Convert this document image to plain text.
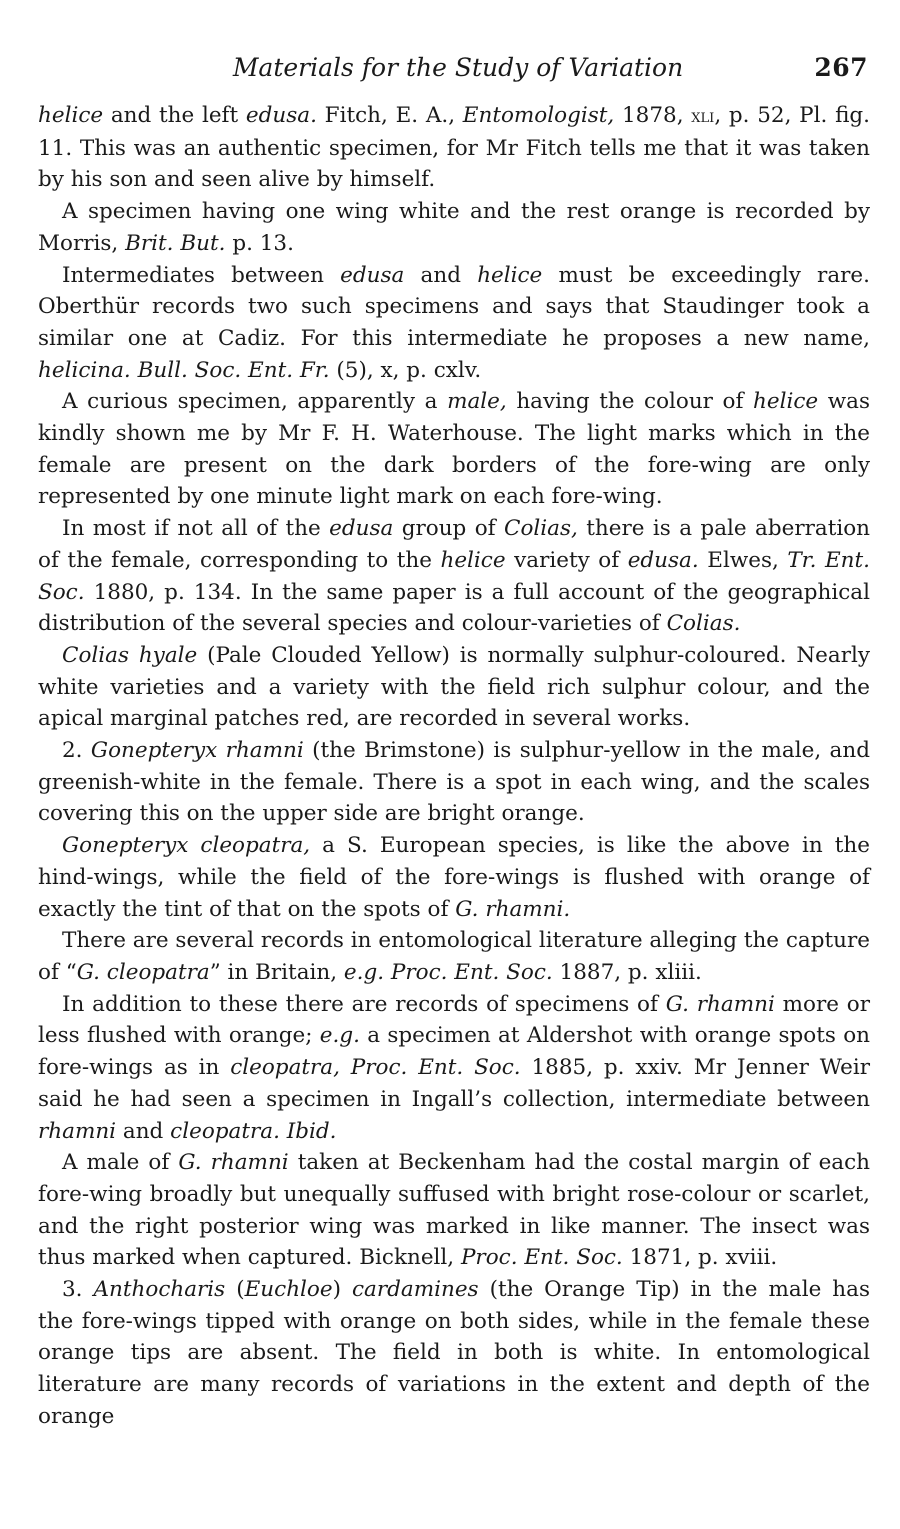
Materials for the Study of Variation	267

helice and the left edusa. Fitch, E. A., Entomologist, 1878, xli, p. 52, Pl. fig. 11. This was an authentic specimen, for Mr Fitch tells me that it was taken by his son and seen alive by himself.

A specimen having one wing white and the rest orange is recorded by Morris, Brit. But. p. 13.

Intermediates between edusa and helice must be exceedingly rare. Oberthür records two such specimens and says that Staudinger took a similar one at Cadiz. For this intermediate he proposes a new name, helicina. Bull. Soc. Ent. Fr. (5), x, p. cxlv.

A curious specimen, apparently a male, having the colour of helice was kindly shown me by Mr F. H. Waterhouse. The light marks which in the female are present on the dark borders of the fore-wing are only represented by one minute light mark on each fore-wing.

In most if not all of the edusa group of Colias, there is a pale aberration of the female, corresponding to the helice variety of edusa. Elwes, Tr. Ent. Soc. 1880, p. 134. In the same paper is a full account of the geographical distribution of the several species and colour-varieties of Colias.

Colias hyale (Pale Clouded Yellow) is normally sulphur-coloured. Nearly white varieties and a variety with the field rich sulphur colour, and the apical marginal patches red, are recorded in several works.

2. Gonepteryx rhamni (the Brimstone) is sulphur-yellow in the male, and greenish-white in the female. There is a spot in each wing, and the scales covering this on the upper side are bright orange.

Gonepteryx cleopatra, a S. European species, is like the above in the hind-wings, while the field of the fore-wings is flushed with orange of exactly the tint of that on the spots of G. rhamni.

There are several records in entomological literature alleging the capture of “G. cleopatra” in Britain, e.g. Proc. Ent. Soc. 1887, p. xliii.

In addition to these there are records of specimens of G. rhamni more or less flushed with orange; e.g. a specimen at Aldershot with orange spots on fore-wings as in cleopatra, Proc. Ent. Soc. 1885, p. xxiv. Mr Jenner Weir said he had seen a specimen in Ingall’s collection, intermediate between rhamni and cleopatra. Ibid.

A male of G. rhamni taken at Beckenham had the costal margin of each fore-wing broadly but unequally suffused with bright rose-colour or scarlet, and the right posterior wing was marked in like manner. The insect was thus marked when captured. Bicknell, Proc. Ent. Soc. 1871, p. xviii.

3. Anthocharis (Euchloe) cardamines (the Orange Tip) in the male has the fore-wings tipped with orange on both sides, while in the female these orange tips are absent. The field in both is white. In entomological literature are many records of variations in the extent and depth of the orange
